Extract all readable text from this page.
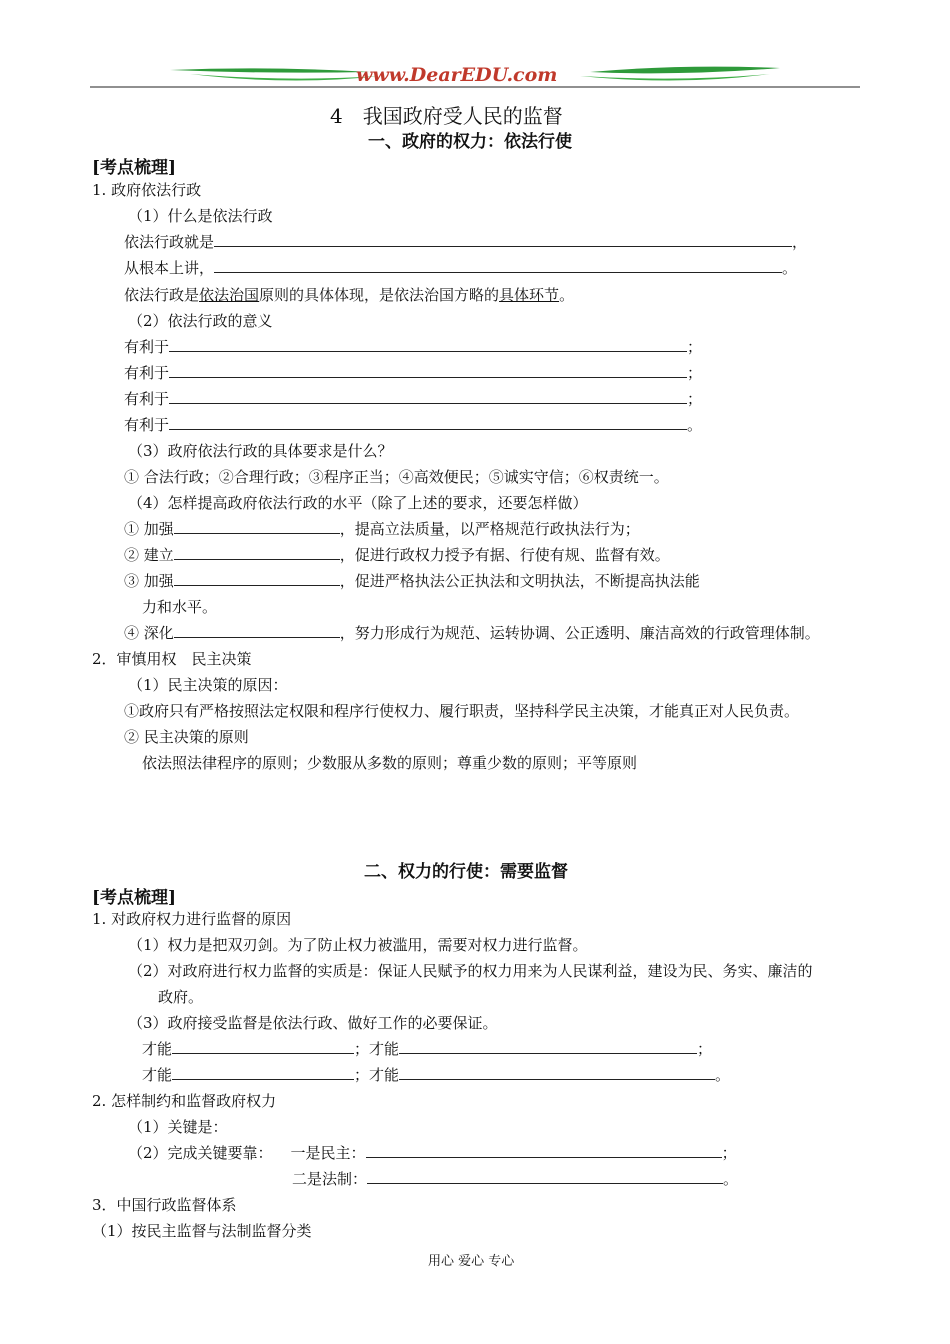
www.DearEDU.com
4　我国政府受人民的监督
一、政府的权力：依法行使
[考点梳理]
1. 政府依法行政
（1）什么是依法行政
依法行政就是	，
从根本上讲，	。
依法行政是依法治国原则的具体体现，是依法治国方略的具体环节。
（2）依法行政的意义
有利于	；
有利于	；
有利于	；
有利于	。
（3）政府依法行政的具体要求是什么？
① 合法行政；②合理行政；③程序正当；④高效便民；⑤诚实守信；⑥权责统一。
（4）怎样提高政府依法行政的水平（除了上述的要求，还要怎样做）
① 加强	，提高立法质量，以严格规范行政执法行为；
② 建立	，促进行政权力授予有据、行使有规、监督有效。
③ 加强	，促进严格执法公正执法和文明执法，不断提高执法能
力和水平。
④ 深化	，努力形成行为规范、运转协调、公正透明、廉洁高效的行政管理体制。
2．审慎用权　民主决策
（1）民主决策的原因：
①政府只有严格按照法定权限和程序行使权力、履行职责，坚持科学民主决策，才能真正对人民负责。
② 民主决策的原则
依法照法律程序的原则；少数服从多数的原则；尊重少数的原则；平等原则
二、权力的行使：需要监督
[考点梳理]
1. 对政府权力进行监督的原因
（1）权力是把双刃剑。为了防止权力被滥用，需要对权力进行监督。
（2）对政府进行权力监督的实质是：保证人民赋予的权力用来为人民谋利益，建设为民、务实、廉洁的
政府。
（3）政府接受监督是依法行政、做好工作的必要保证。
才能	；才能	；
才能	；才能	。
2. 怎样制约和监督政府权力
（1）关键是：
（2）完成关键要靠： 一是民主：	；
二是法制：	。
3．中国行政监督体系
（1）按民主监督与法制监督分类
用心 爱心 专心
